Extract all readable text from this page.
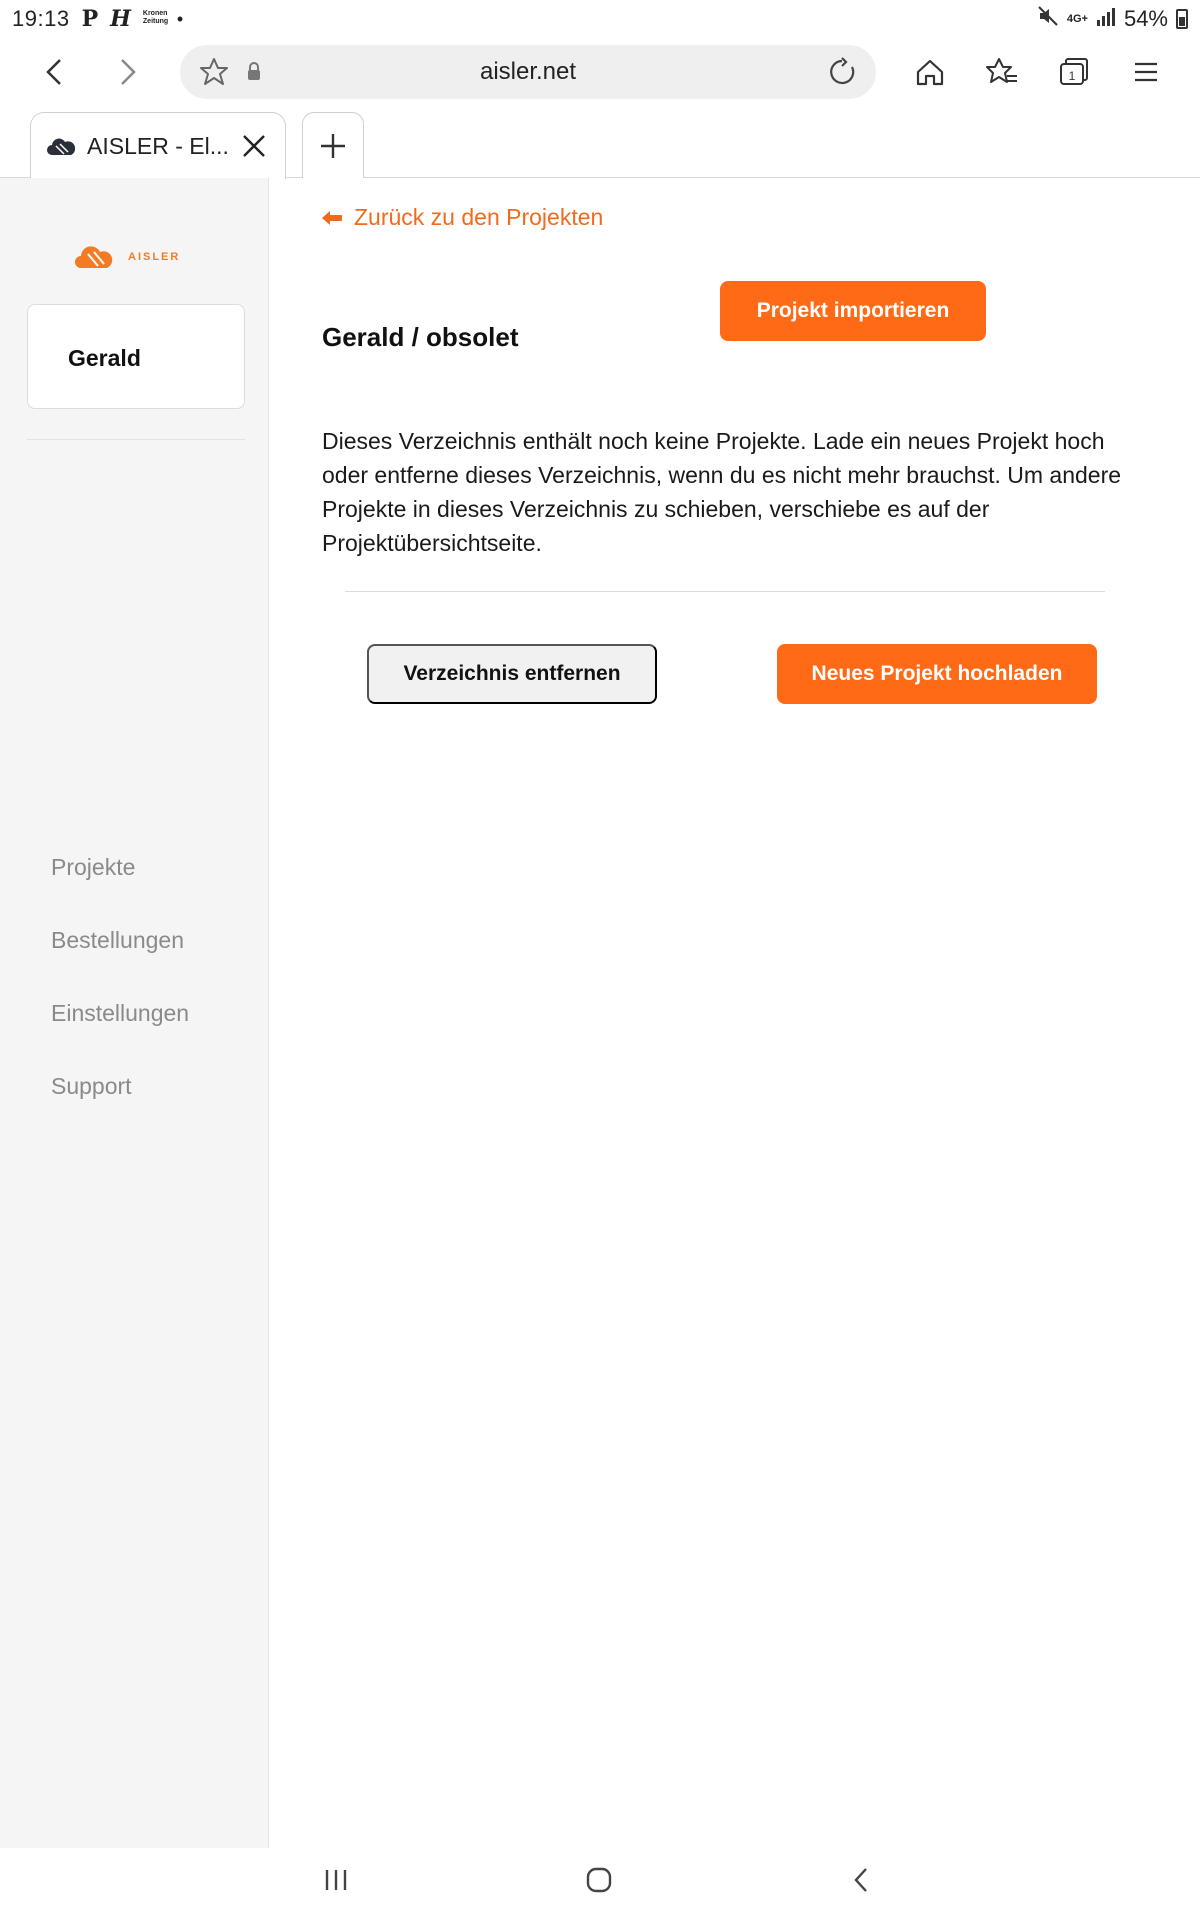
19:13 P H Kronen Zeitung •	4G+ 54%
aisler.net	1
AISLER - El...
AISLER
Gerald
Projekte
Bestellungen
Einstellungen
Support
Zurück zu den Projekten
Projekt importieren
Gerald / obsolet

Dieses Verzeichnis enthält noch keine Projekte. Lade ein neues Projekt hoch oder entferne dieses Verzeichnis, wenn du es nicht mehr brauchst. Um andere Projekte in dieses Verzeichnis zu schieben, verschiebe es auf der Projektübersichtseite.

Verzeichnis entfernen	Neues Projekt hochladen
